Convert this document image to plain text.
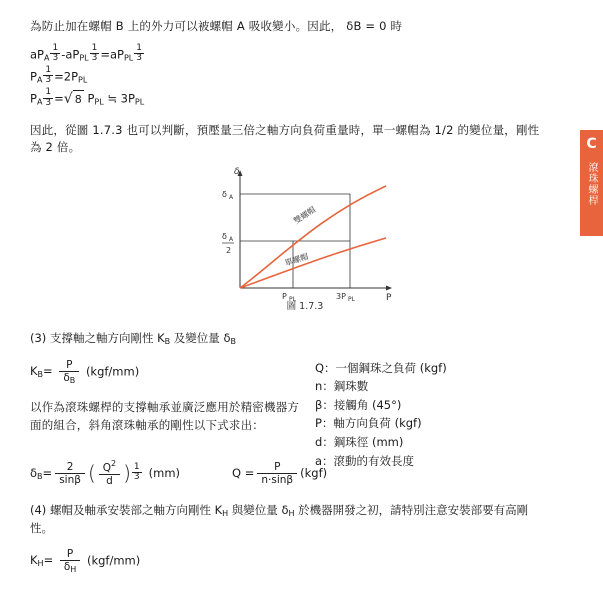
C
滾珠螺桿

為防止加在螺帽 B 上的外力可以被螺帽 A 吸收變小。因此， δB = 0 時

$aP_A \frac{1}{3} -aP_{PL} \frac{1}{3} =aP_{PL} \frac{1}{3}$
$P_A \frac{1}{3} =2P_{PL}$
$P_A \frac{1}{3}$ = √ 8 $P_{PL}$ ≒ $3P_{PL}$

因此，從圖 1.7.3 也可以判斷，預壓量三倍之軸方向負荷重量時，單一螺帽為 1/2 的變位量，剛性為 2 倍。

δ
P
δ A
δ A
2
P PL	3P PL
雙螺帽
單螺帽
圖 1.7.3
(3) 支撐軸之軸方向剛性 $K_B$ 及變位量 $\delta_B$
$K_B= \frac{P}{\delta_B} (kgf/mm)$

以作為滾珠螺桿的支撐軸承並廣泛應用於精密機器方面的組合，斜角滾珠軸承的剛性以下式求出：

Q：一個鋼珠之負荷 (kgf)

n：鋼珠數

β：接觸角 (45°)

P：軸方向負荷 (kgf)

d：鋼珠徑 (mm)

a：滾動的有效長度

$\delta_B= \frac{2}{\sin\beta}$ ( $\frac{Q^2}{d}$ ) $\frac{1}{3} (mm)$	$Q = \frac{P}{n\cdot\sin\beta} (kgf)$
(4) 螺帽及軸承安裝部之軸方向剛性 $K_H$ 與變位量 $\delta_H$ 於機器開發之初，請特別注意安裝部要有高剛性。
$K_H= \frac{P}{\delta_H} (kgf/mm)$
